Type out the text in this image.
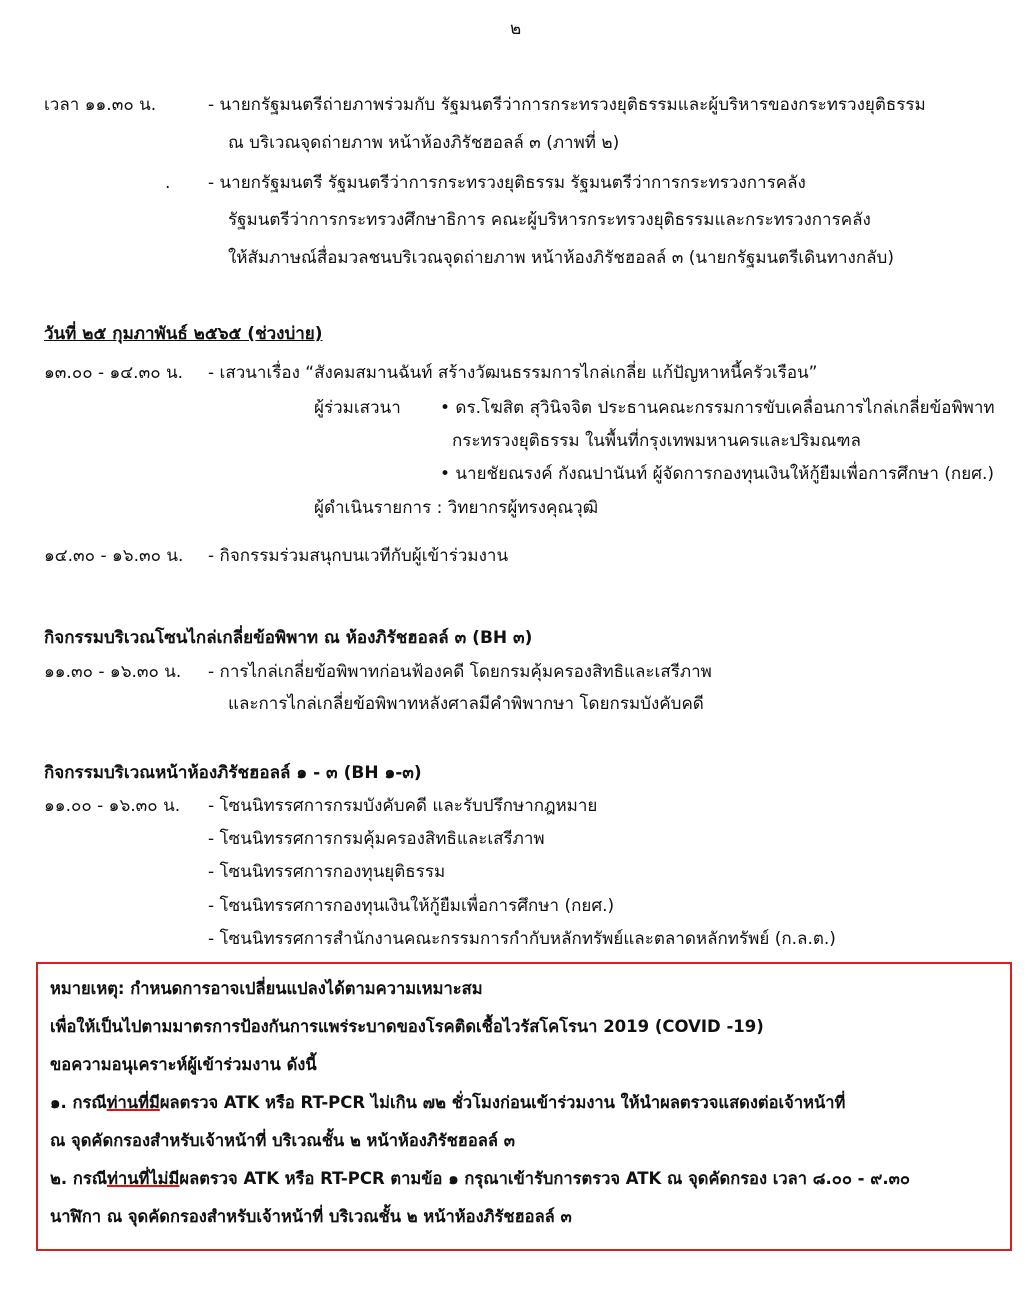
๒
เวลา ๑๑.๓๐ น.	- นายกรัฐมนตรีถ่ายภาพร่วมกับ รัฐมนตรีว่าการกระทรวงยุติธรรมและผู้บริหารของกระทรวงยุติธรรม
ณ บริเวณจุดถ่ายภาพ หน้าห้องภิรัชฮอลล์ ๓ (ภาพที่ ๒)
. - นายกรัฐมนตรี รัฐมนตรีว่าการกระทรวงยุติธรรม รัฐมนตรีว่าการกระทรวงการคลัง
รัฐมนตรีว่าการกระทรวงศึกษาธิการ คณะผู้บริหารกระทรวงยุติธรรมและกระทรวงการคลัง
ให้สัมภาษณ์สื่อมวลชนบริเวณจุดถ่ายภาพ หน้าห้องภิรัชฮอลล์ ๓ (นายกรัฐมนตรีเดินทางกลับ)
วันที่ ๒๕ กุมภาพันธ์ ๒๕๖๕ (ช่วงบ่าย)
๑๓.๐๐ - ๑๔.๓๐ น. - เสวนาเรื่อง “สังคมสมานฉันท์ สร้างวัฒนธรรมการไกล่เกลี่ย แก้ปัญหาหนี้ครัวเรือน”
ผู้ร่วมเสวนา • ดร.โฆสิต สุวินิจจิต ประธานคณะกรรมการขับเคลื่อนการไกล่เกลี่ยข้อพิพาท
กระทรวงยุติธรรม ในพื้นที่กรุงเทพมหานครและปริมณฑล
• นายชัยณรงค์ กังณปานันท์ ผู้จัดการกองทุนเงินให้กู้ยืมเพื่อการศึกษา (กยศ.)
ผู้ดำเนินรายการ : วิทยากรผู้ทรงคุณวุฒิ
๑๔.๓๐ - ๑๖.๓๐ น. - กิจกรรมร่วมสนุกบนเวทีกับผู้เข้าร่วมงาน
กิจกรรมบริเวณโซนไกล่เกลี่ยข้อพิพาท ณ ห้องภิรัชฮอลล์ ๓ (BH ๓)
๑๑.๓๐ - ๑๖.๓๐ น. - การไกล่เกลี่ยข้อพิพาทก่อนฟ้องคดี โดยกรมคุ้มครองสิทธิและเสรีภาพ
และการไกล่เกลี่ยข้อพิพาทหลังศาลมีคำพิพากษา โดยกรมบังคับคดี
กิจกรรมบริเวณหน้าห้องภิรัชฮอลล์ ๑ - ๓ (BH ๑-๓)
๑๑.๐๐ - ๑๖.๓๐ น. - โซนนิทรรศการกรมบังคับคดี และรับปรึกษากฎหมาย
- โซนนิทรรศการกรมคุ้มครองสิทธิและเสรีภาพ
- โซนนิทรรศการกองทุนยุติธรรม
- โซนนิทรรศการกองทุนเงินให้กู้ยืมเพื่อการศึกษา (กยศ.)
- โซนนิทรรศการสำนักงานคณะกรรมการกำกับหลักทรัพย์และตลาดหลักทรัพย์ (ก.ล.ต.)
หมายเหตุ: กำหนดการอาจเปลี่ยนแปลงได้ตามความเหมาะสม
เพื่อให้เป็นไปตามมาตรการป้องกันการแพร่ระบาดของโรคติดเชื้อไวรัสโคโรนา 2019 (COVID -19)
ขอความอนุเคราะห์ผู้เข้าร่วมงาน ดังนี้
๑. กรณีท่านที่มีผลตรวจ ATK หรือ RT-PCR ไม่เกิน ๗๒ ชั่วโมงก่อนเข้าร่วมงาน ให้นำผลตรวจแสดงต่อเจ้าหน้าที่
ณ จุดคัดกรองสำหรับเจ้าหน้าที่ บริเวณชั้น ๒ หน้าห้องภิรัชฮอลล์ ๓
๒. กรณีท่านที่ไม่มีผลตรวจ ATK หรือ RT-PCR ตามข้อ ๑ กรุณาเข้ารับการตรวจ ATK ณ จุดคัดกรอง เวลา ๘.๐๐ - ๙.๓๐
นาฬิกา ณ จุดคัดกรองสำหรับเจ้าหน้าที่ บริเวณชั้น ๒ หน้าห้องภิรัชฮอลล์ ๓
